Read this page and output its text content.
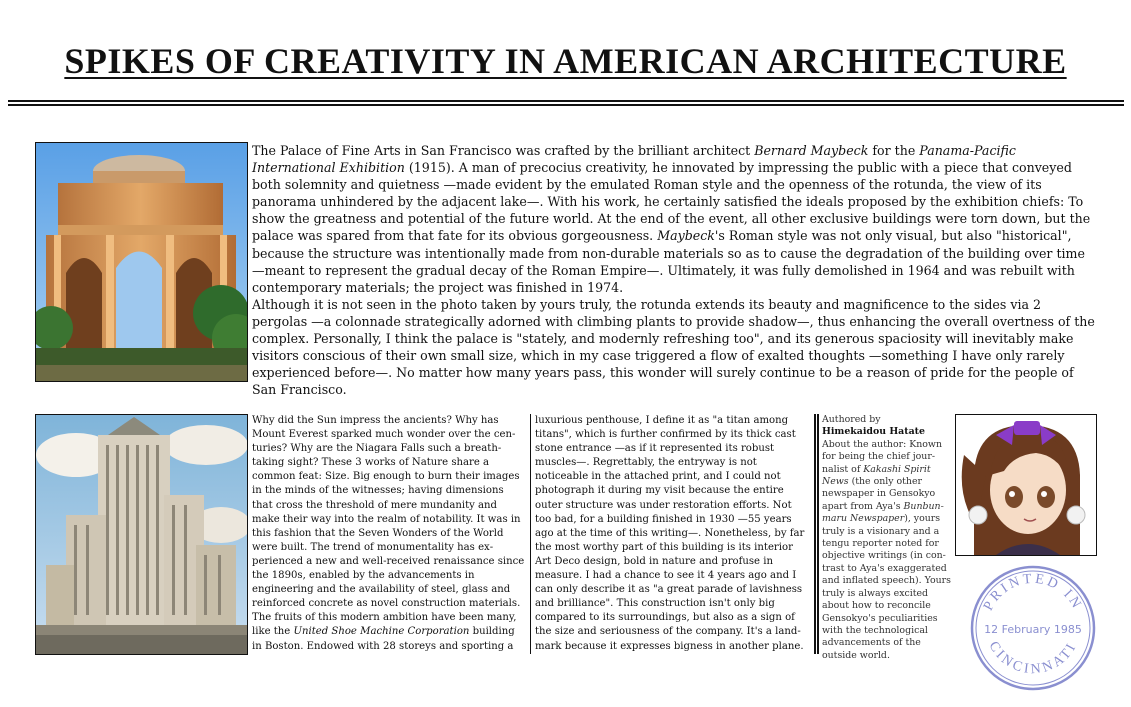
SPIKES OF CREATIVITY IN AMERICAN ARCHITECTURE

The Palace of Fine Arts in San Francisco was crafted by the brilliant architect Bernard Maybeck for the Panama-Pacific International Exhibition (1915). A man of precocius creativity, he innovated by impressing the public with a piece that conveyed both solemnity and quietness —made evident by the emulated Roman style and the openness of the rotunda, the view of its panorama unhindered by the adjacent lake—. With his work, he certainly satisfied the ideals proposed by the exhibition chiefs: To show the greatness and potential of the future world. At the end of the event, all other exclusive buildings were torn down, but the palace was spared from that fate for its obvious gorgeousness. Maybeck's Roman style was not only visual, but also "historical", because the structure was intentionally made from non-durable materials so as to cause the degradation of the building over time —meant to represent the gradual decay of the Roman Empire—. Ultimately, it was fully demolished in 1964 and was rebuilt with contemporary materials; the project was finished in 1974.

Although it is not seen in the photo taken by yours truly, the rotunda extends its beauty and magnificence to the sides via 2 pergolas —a colonnade strategically adorned with climbing plants to provide shadow—, thus enhancing the overall overtness of the complex. Personally, I think the palace is "stately, and modernly refreshing too", and its generous spaciosity will inevitably make visitors conscious of their own small size, which in my case triggered a flow of exalted thoughts —something I have only rarely experienced before—. No matter how many years pass, this wonder will surely continue to be a reason of pride for the people of San Francisco.

Why did the Sun impress the ancients? Why has Mount Everest sparked much wonder over the centuries? Why are the Niagara Falls such a breathtaking sight? These 3 works of Nature share a common feat: Size. Big enough to burn their images in the minds of the witnesses; having dimensions that cross the threshold of mere mundanity and make their way into the realm of notability. It was in this fashion that the Seven Wonders of the World were built. The trend of monumentality has experienced a new and well-received renaissance since the 1890s, enabled by the advancements in engineering and the availability of steel, glass and reinforced concrete as novel construction materials. The fruits of this modern ambition have been many, like the United Shoe Machine Corporation building in Boston. Endowed with 28 storeys and sporting a

luxurious penthouse, I define it as "a titan among titans", which is further confirmed by its thick cast stone entrance —as if it represented its robust muscles—. Regrettably, the entryway is not noticeable in the attached print, and I could not photograph it during my visit because the entire outer structure was under restoration efforts. Not too bad, for a building finished in 1930 —55 years ago at the time of this writing—. Nonetheless, by far the most worthy part of this building is its interior Art Deco design, bold in nature and profuse in measure. I had a chance to see it 4 years ago and I can only describe it as "a great parade of lavishness and brilliance". This construction isn't only big compared to its surroundings, but also as a sign of the size and seriousness of the company. It's a landmark because it expresses bigness in another plane.

Authored by
Himekaidou Hatate

About the author: Known for being the chief journalist of Kakashi Spirit News (the only other newspaper in Gensokyo apart from Aya's Bunbunmaru Newspaper), yours truly is a visionary and a tengu reporter noted for objective writings (in contrast to Aya's exaggerated and inflated speech). Yours truly is always excited about how to reconcile Gensokyo's peculiarities with the technological advancements of the outside world.

PRINTED IN
12 February 1985
CINCINNATI
